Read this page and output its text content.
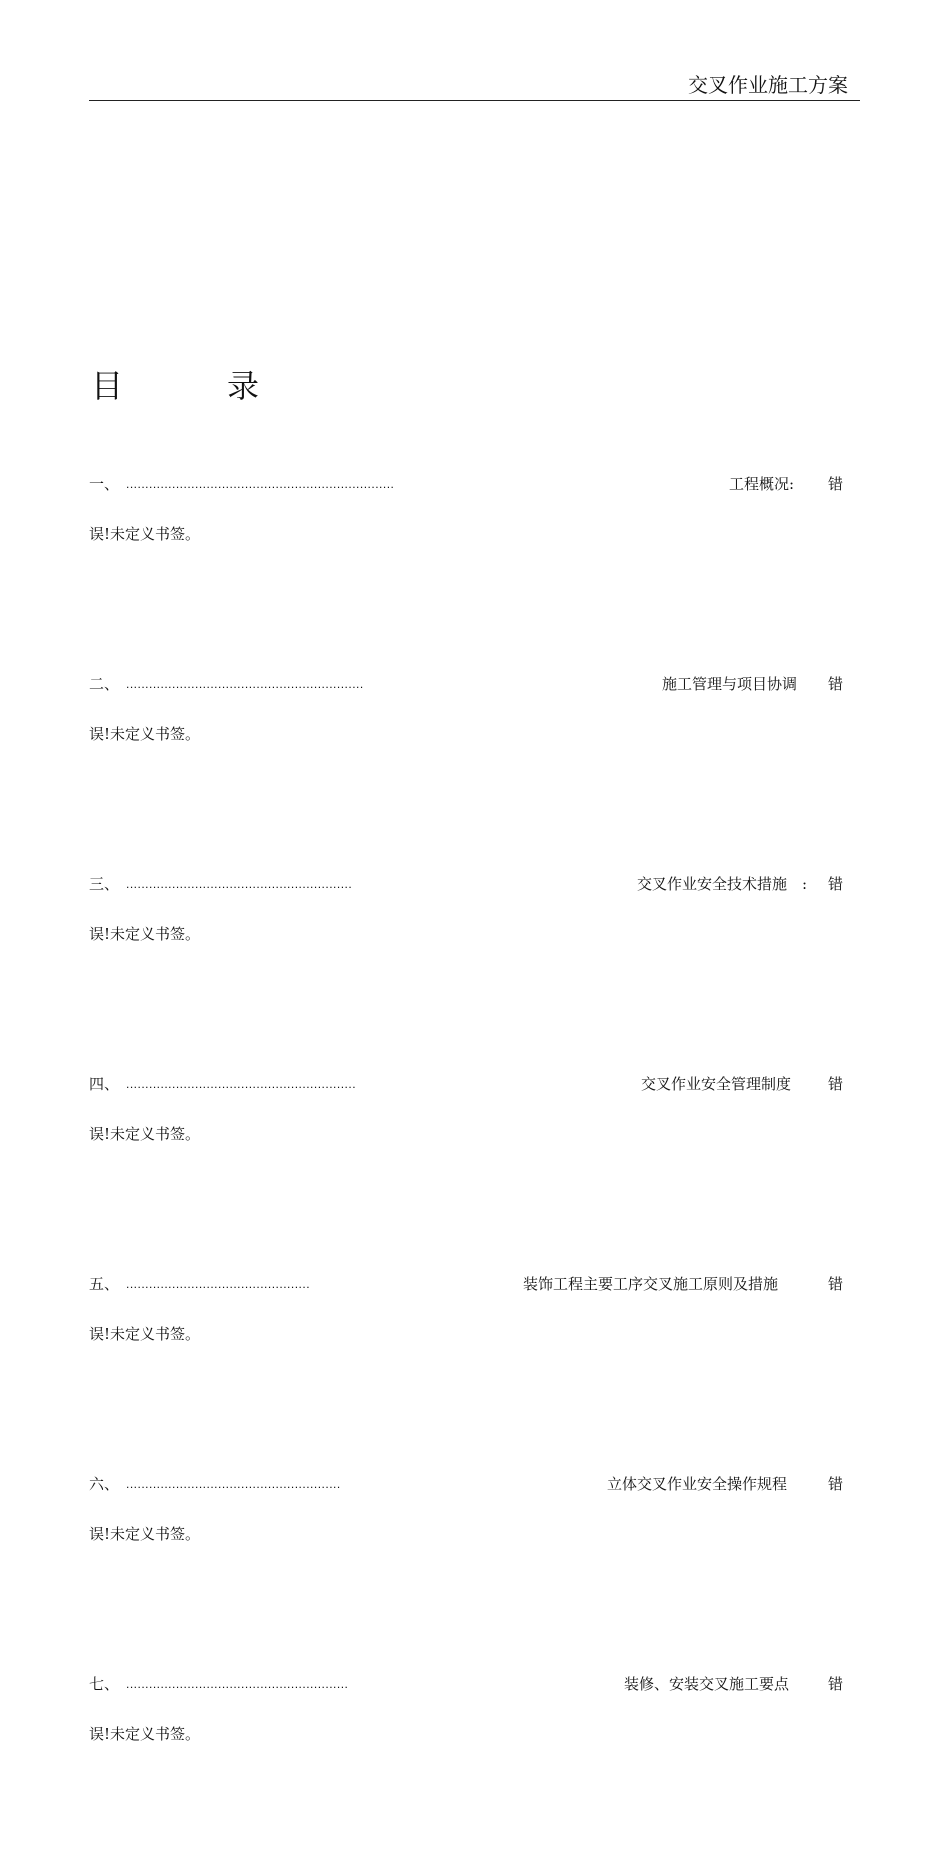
交叉作业施工方案
目　录
一、 ......................................................................	工程概况: 错
误!未定义书签。
二、 ..............................................................	施工管理与项目协调 错
误!未定义书签。
三、 ...........................................................	交叉作业安全技术措施　: 错
误!未定义书签。
四、 ............................................................	交叉作业安全管理制度 错
误!未定义书签。
五、 ................................................	装饰工程主要工序交叉施工原则及措施	错
误!未定义书签。
六、 ........................................................	立体交叉作业安全操作规程	错
误!未定义书签。
七、 ..........................................................	装修、安装交叉施工要点	错
误!未定义书签。
